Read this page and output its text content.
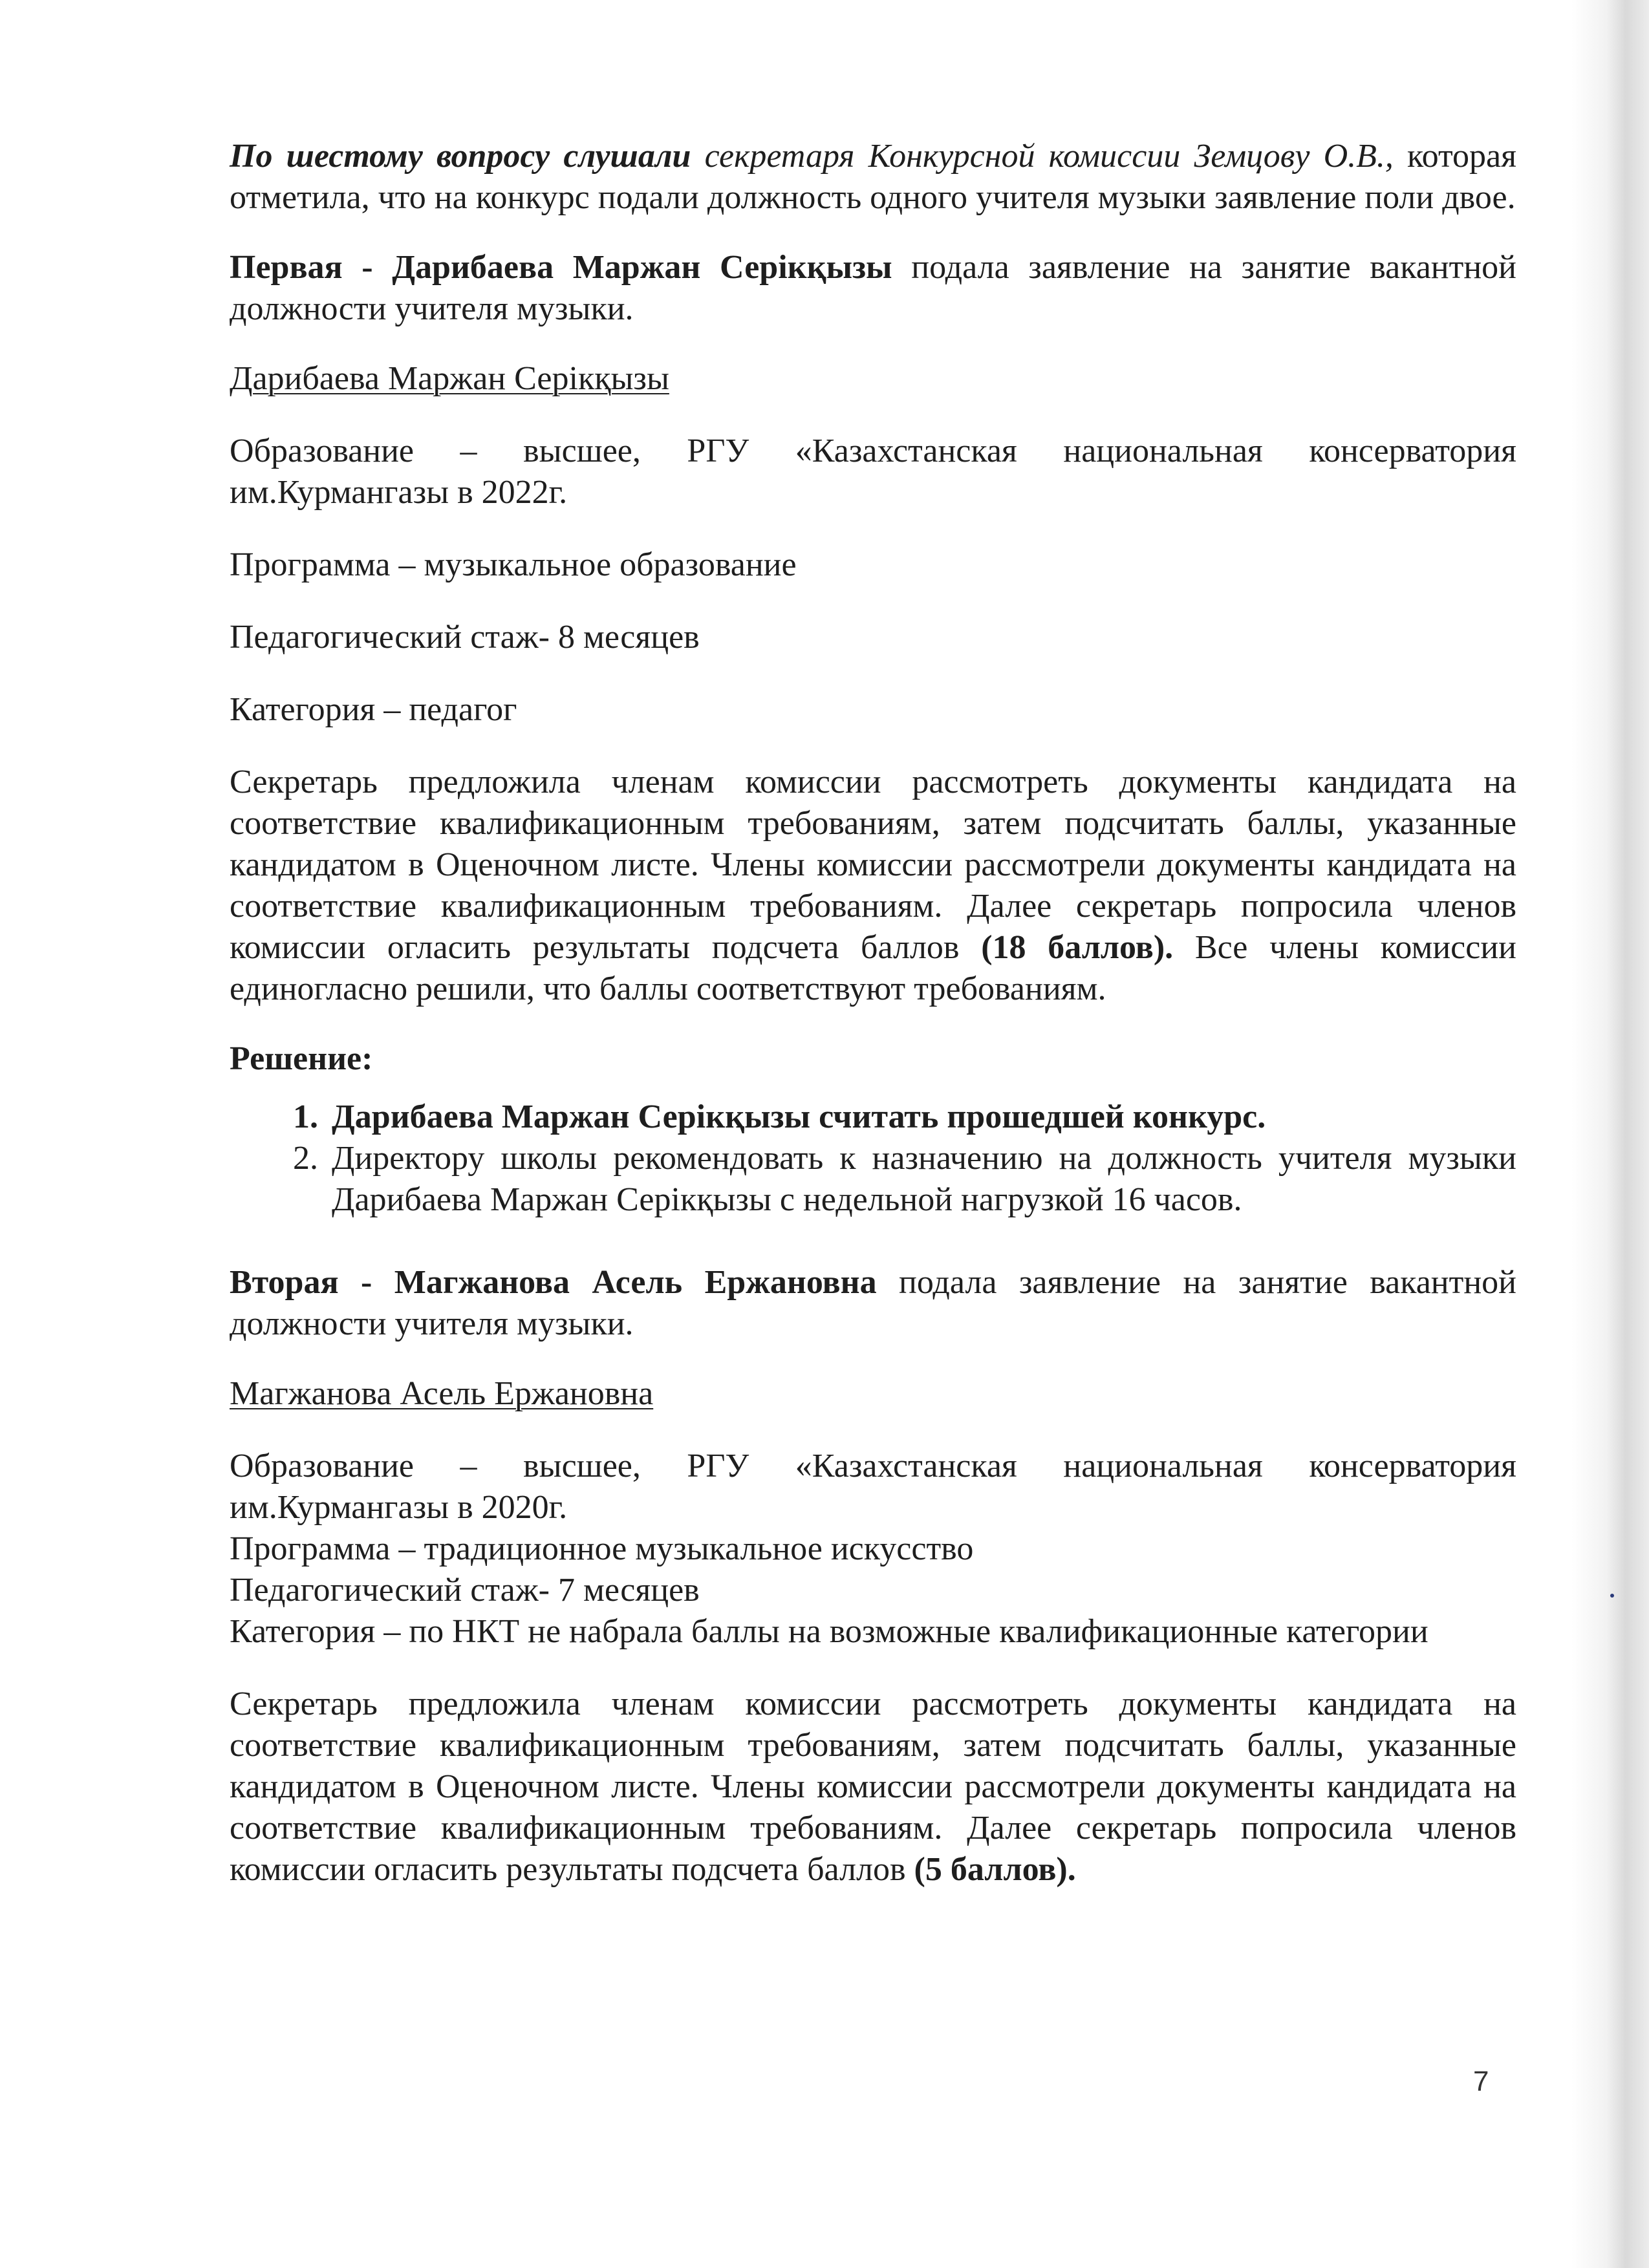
По шестому вопросу слушали секретаря Конкурсной комиссии Земцову О.В., которая отметила, что на конкурс подали должность одного учителя музыки заявление поли двое.

Первая - Дарибаева Маржан Серікқызы подала заявление на занятие вакантной должности учителя музыки.

Дарибаева Маржан Серікқызы

Образование – высшее, РГУ «Казахстанская национальная консерватория им.Курмангазы в 2022г.

Программа – музыкальное образование

Педагогический стаж- 8 месяцев

Категория – педагог

Секретарь предложила членам комиссии рассмотреть документы кандидата на соответствие квалификационным требованиям, затем подсчитать баллы, указанные кандидатом в Оценочном листе. Члены комиссии рассмотрели документы кандидата на соответствие квалификационным требованиям. Далее секретарь попросила членов комиссии огласить результаты подсчета баллов (18 баллов). Все члены комиссии единогласно решили, что баллы соответствуют требованиям.

Решение:

1. Дарибаева Маржан Серікқызы считать прошедшей конкурс.
2. Директору школы рекомендовать к назначению на должность учителя музыки Дарибаева Маржан Серікқызы с недельной нагрузкой 16 часов.

Вторая - Магжанова Асель Ержановна подала заявление на занятие вакантной должности учителя музыки.

Магжанова Асель Ержановна

Образование – высшее, РГУ «Казахстанская национальная консерватория им.Курмангазы в 2020г.

Программа – традиционное музыкальное искусство

Педагогический стаж- 7 месяцев

Категория – по НКТ не набрала баллы на возможные квалификационные категории

Секретарь предложила членам комиссии рассмотреть документы кандидата на соответствие квалификационным требованиям, затем подсчитать баллы, указанные кандидатом в Оценочном листе. Члены комиссии рассмотрели документы кандидата на соответствие квалификационным требованиям. Далее секретарь попросила членов комиссии огласить результаты подсчета баллов (5 баллов).

7
